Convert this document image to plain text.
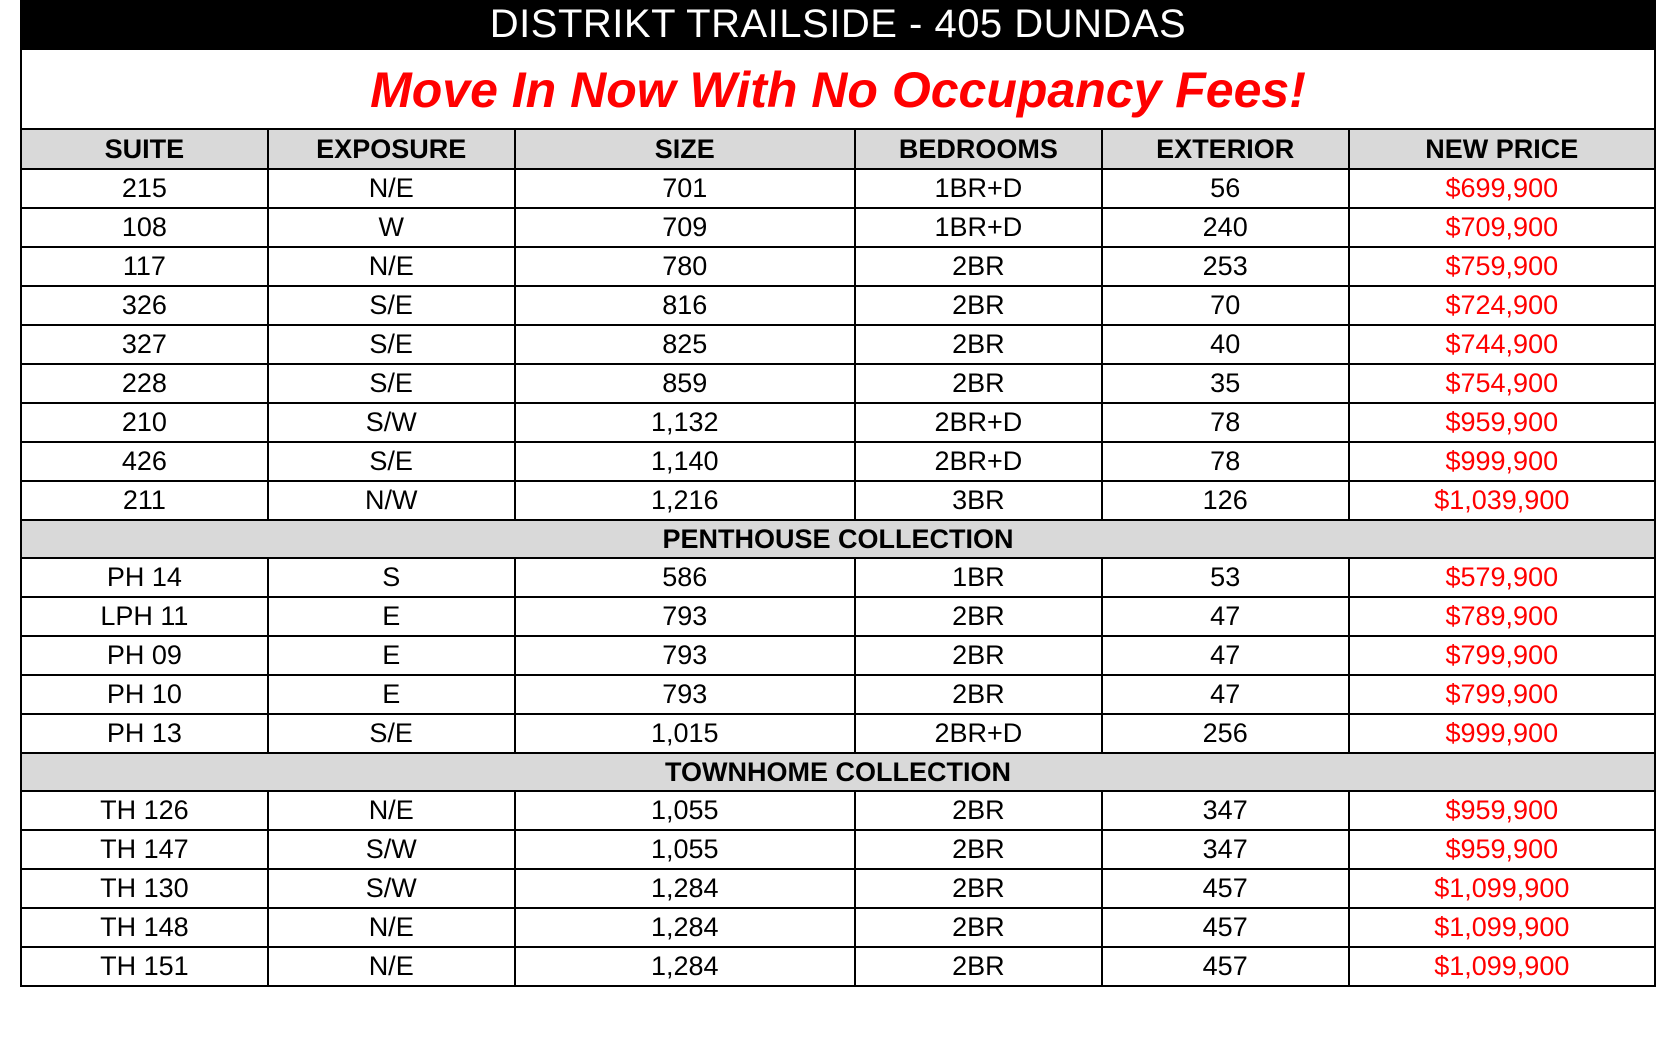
DISTRIKT TRAILSIDE - 405 DUNDAS
Move In Now With No Occupancy Fees!
SUITE	EXPOSURE	SIZE	BEDROOMS	EXTERIOR	NEW PRICE
215	N/E	701	1BR+D	56	$699,900
108	W	709	1BR+D	240	$709,900
117	N/E	780	2BR	253	$759,900
326	S/E	816	2BR	70	$724,900
327	S/E	825	2BR	40	$744,900
228	S/E	859	2BR	35	$754,900
210	S/W	1,132	2BR+D	78	$959,900
426	S/E	1,140	2BR+D	78	$999,900
211	N/W	1,216	3BR	126	$1,039,900
PENTHOUSE COLLECTION					
PH 14	S	586	1BR	53	$579,900
LPH 11	E	793	2BR	47	$789,900
PH 09	E	793	2BR	47	$799,900
PH 10	E	793	2BR	47	$799,900
PH 13	S/E	1,015	2BR+D	256	$999,900
TOWNHOME COLLECTION					
TH 126	N/E	1,055	2BR	347	$959,900
TH 147	S/W	1,055	2BR	347	$959,900
TH 130	S/W	1,284	2BR	457	$1,099,900
TH 148	N/E	1,284	2BR	457	$1,099,900
TH 151	N/E	1,284	2BR	457	$1,099,900
